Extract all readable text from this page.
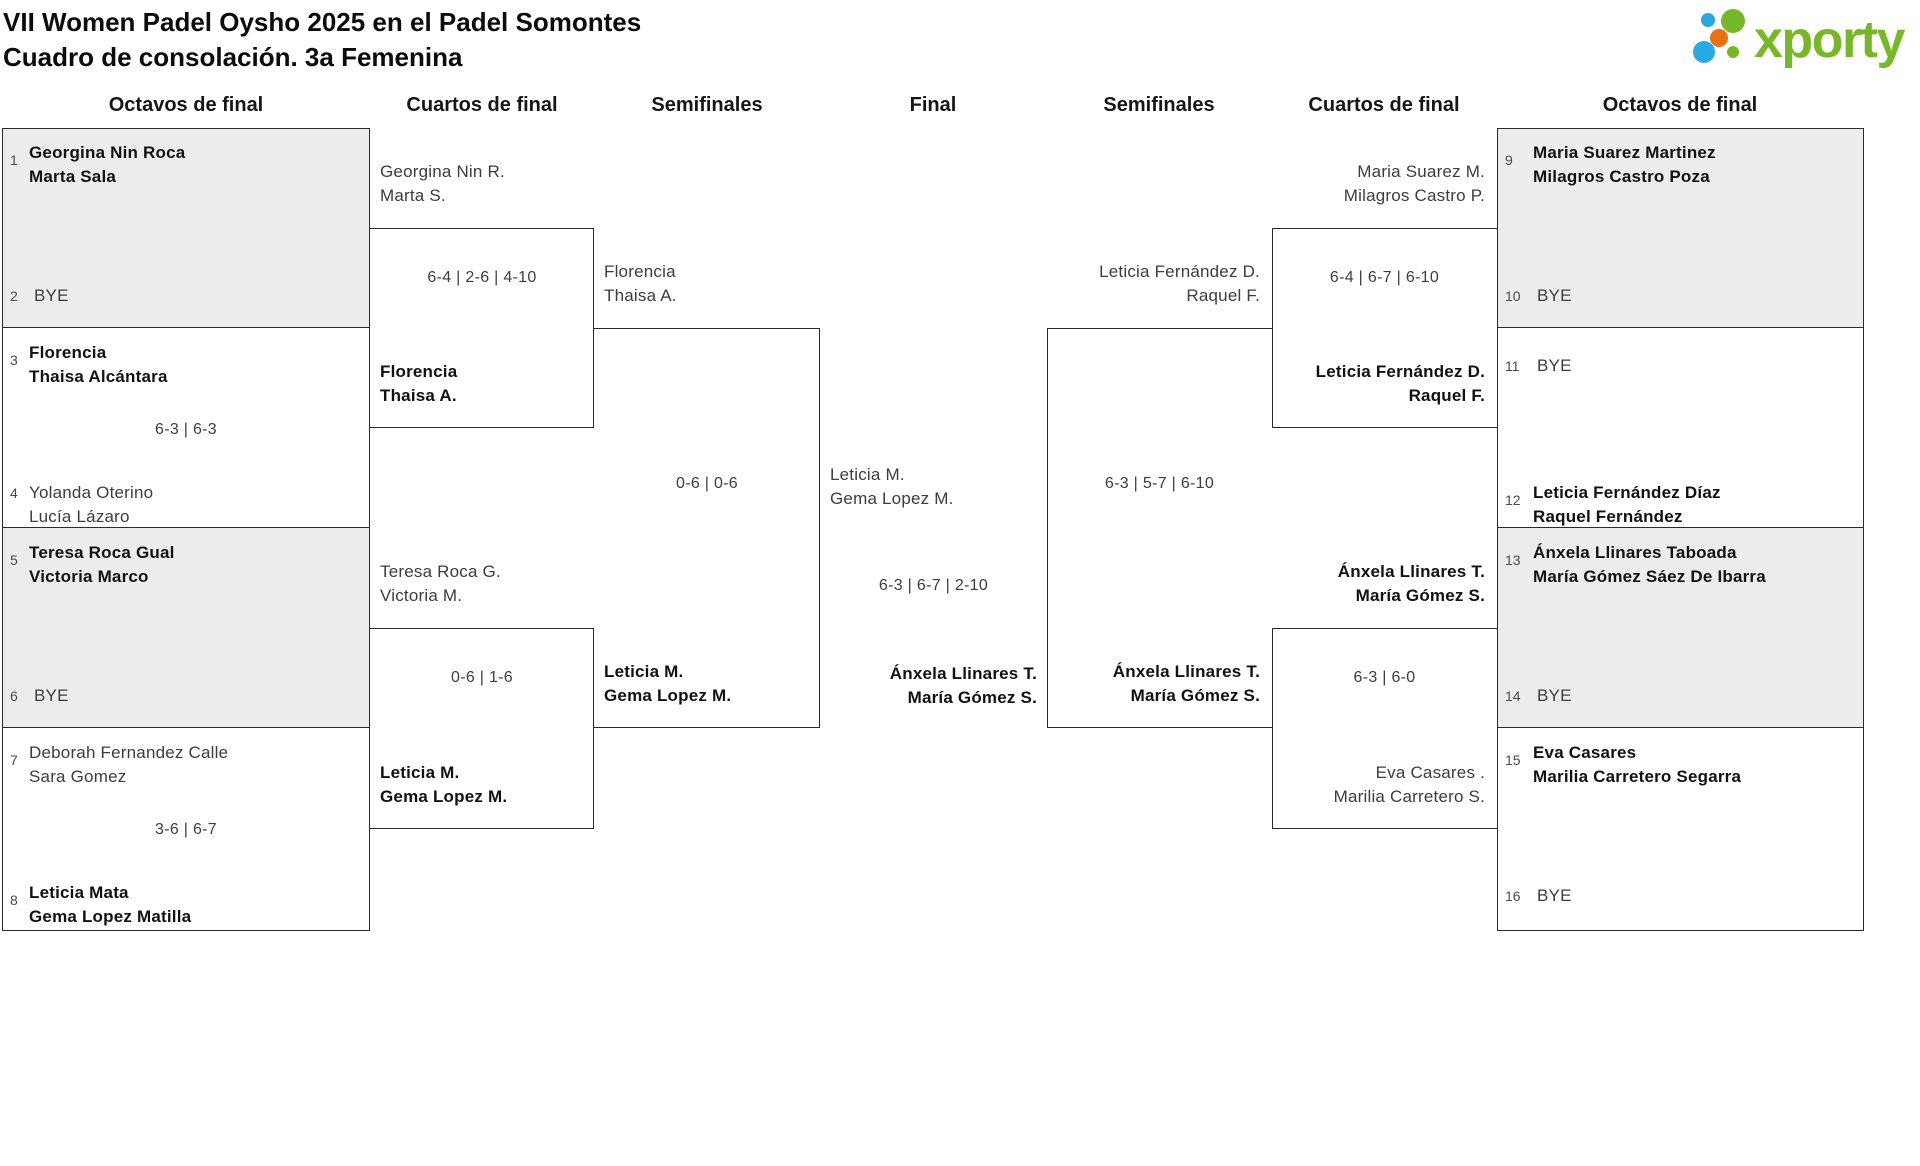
VII Women Padel Oysho 2025 en el Padel Somontes
Cuadro de consolación. 3a Femenina	xporty
Octavos de final	Cuartos de final	Semifinales	Final	Semifinales	Cuartos de final	Octavos de final
1 Georgina Nin Roca
Marta Sala
2 BYE
3 Florencia
Thaisa Alcántara
6-3 | 6-3
4 Yolanda Oterino
Lucía Lázaro
5 Teresa Roca Gual
Victoria Marco
6 BYE
7 Deborah Fernandez Calle
Sara Gomez
3-6 | 6-7
8 Leticia Mata
Gema Lopez Matilla
9 Maria Suarez Martinez
Milagros Castro Poza
10 BYE
11 BYE
12 Leticia Fernández Díaz
Raquel Fernández
13 Ánxela Llinares Taboada
María Gómez Sáez De Ibarra
14 BYE
15 Eva Casares
Marilia Carretero Segarra
16 BYE
Georgina Nin R.
Marta S.
6-4 | 2-6 | 4-10
Florencia
Thaisa A.
Teresa Roca G.
Victoria M.
0-6 | 1-6
Leticia M.
Gema Lopez M.
Florencia
Thaisa A.
0-6 | 0-6
Leticia M.
Gema Lopez M.
Leticia M.
Gema Lopez M.
6-3 | 6-7 | 2-10
Ánxela Llinares T.
María Gómez S.
Leticia Fernández D.
Raquel F.
6-3 | 5-7 | 6-10
Ánxela Llinares T.
María Gómez S.
Maria Suarez M.
Milagros Castro P.
6-4 | 6-7 | 6-10
Leticia Fernández D.
Raquel F.
Ánxela Llinares T.
María Gómez S.
6-3 | 6-0
Eva Casares .
Marilia Carretero S.
